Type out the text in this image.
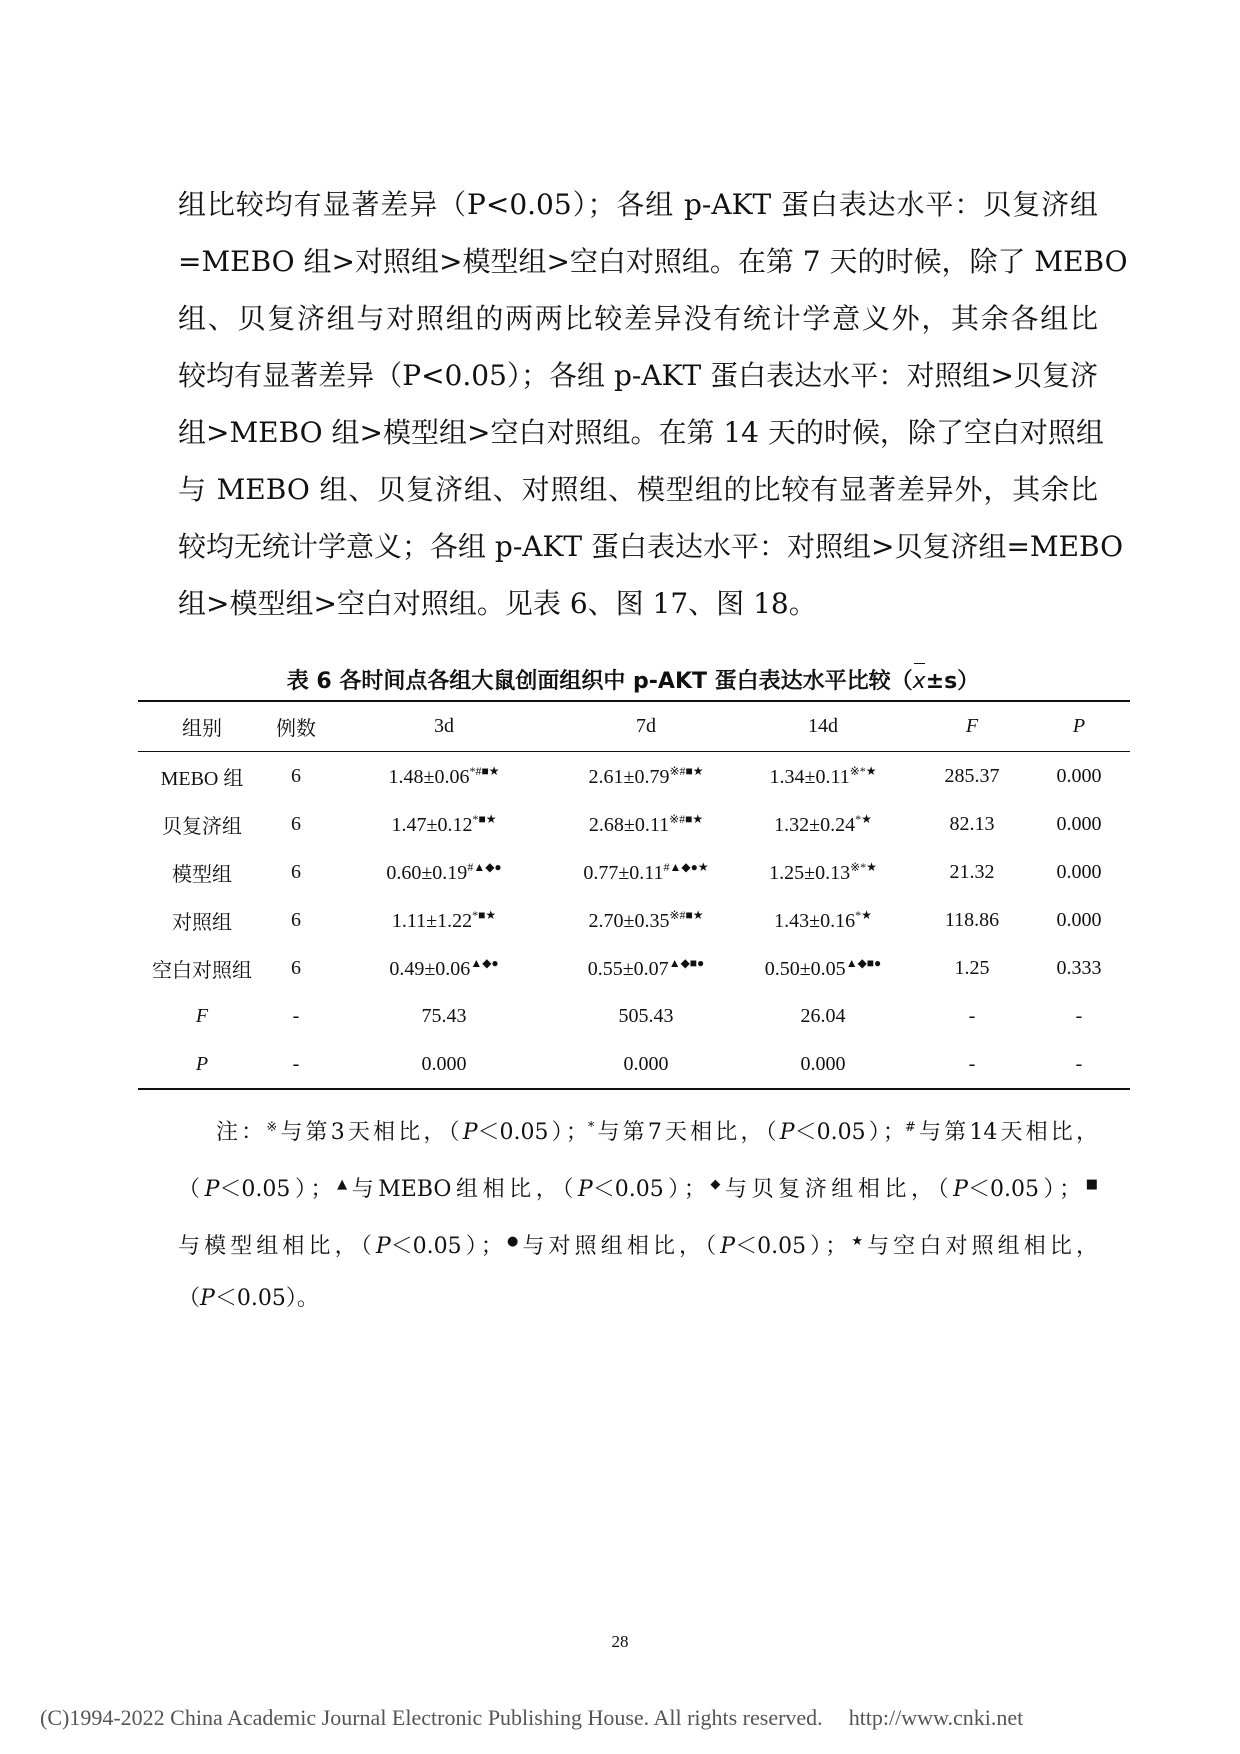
组比较均有显著差异（P<0.05）；各组 p-AKT 蛋白表达水平：贝复济组
=MEBO 组>对照组>模型组>空白对照组。在第 7 天的时候，除了 MEBO
组、贝复济组与对照组的两两比较差异没有统计学意义外，其余各组比
较均有显著差异（P<0.05）；各组 p-AKT 蛋白表达水平：对照组>贝复济
组>MEBO 组>模型组>空白对照组。在第 14 天的时候，除了空白对照组
与 MEBO 组、贝复济组、对照组、模型组的比较有显著差异外，其余比
较均无统计学意义；各组 p-AKT 蛋白表达水平：对照组>贝复济组=MEBO
组>模型组>空白对照组。见表 6、图 17、图 18。
表 6 各时间点各组大鼠创面组织中 p-AKT 蛋白表达水平比较（x±s）
组别	例数	3d	7d	14d	F	P
MEBO 组	6	1.48±0.06*#■★	2.61±0.79※#■★	1.34±0.11※*★	285.37	0.000
贝复济组	6	1.47±0.12*■★	2.68±0.11※#■★	1.32±0.24*★	82.13	0.000
模型组	6	0.60±0.19#▲◆●	0.77±0.11#▲◆●★	1.25±0.13※*★	21.32	0.000
对照组	6	1.11±1.22*■★	2.70±0.35※#■★	1.43±0.16*★	118.86	0.000
空白对照组	6	0.49±0.06▲◆●	0.55±0.07▲◆■●	0.50±0.05▲◆■●	1.25	0.333
F	-	75.43	505.43	26.04	-	-
P	-	0.000	0.000	0.000	-	-
注：※与第3天相比，（P＜0.05）；*与第7天相比，（P＜0.05）；#与第14天相比，
（P＜0.05）；▲与MEBO组相比，（P＜0.05）；◆与贝复济组相比，（P＜0.05）；■
与模型组相比，（P＜0.05）；●与对照组相比，（P＜0.05）；★与空白对照组相比，
（P＜0.05）。
28
(C)1994-2022 China Academic Journal Electronic Publishing House. All rights reserved. http://www.cnki.net
